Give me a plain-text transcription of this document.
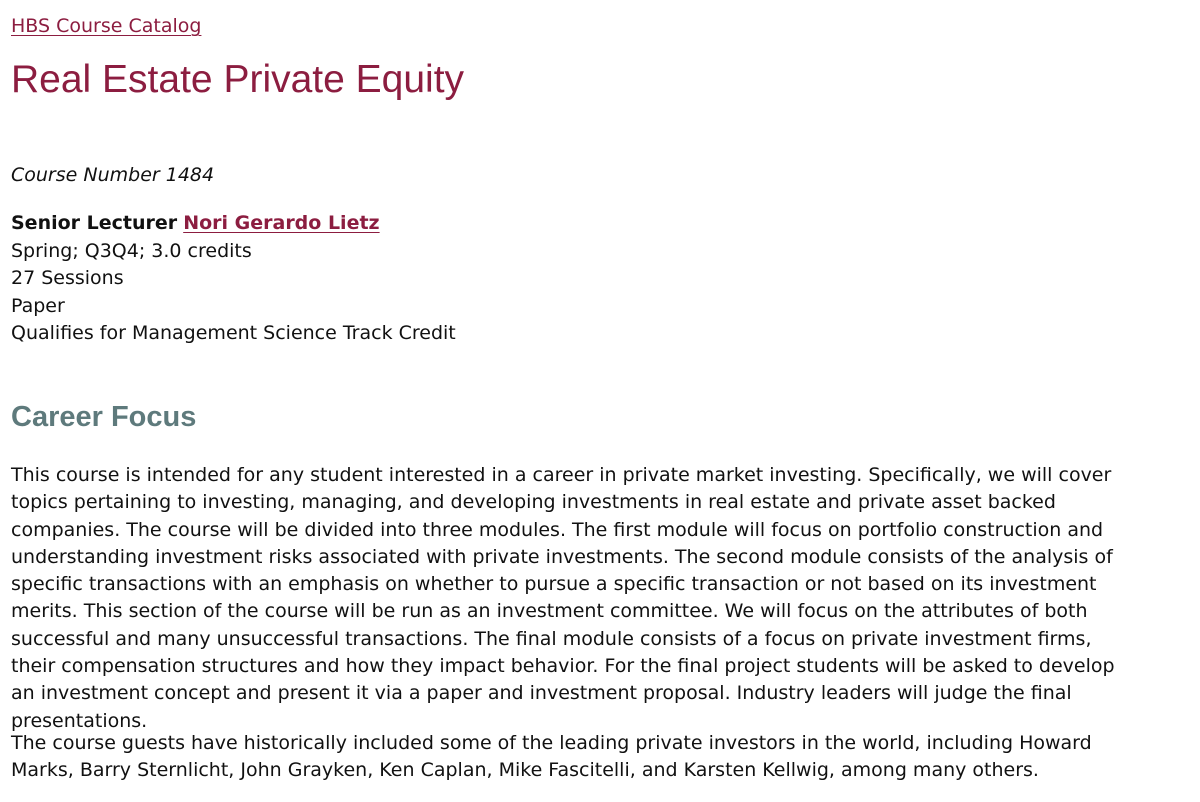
HBS Course Catalog
Real Estate Private Equity
Course Number 1484
Senior Lecturer Nori Gerardo Lietz
Spring; Q3Q4; 3.0 credits
27 Sessions
Paper
Qualifies for Management Science Track Credit
Career Focus

This course is intended for any student interested in a career in private market investing. Specifically, we will cover topics pertaining to investing, managing, and developing investments in real estate and private asset backed companies. The course will be divided into three modules. The first module will focus on portfolio construction and understanding investment risks associated with private investments. The second module consists of the analysis of specific transactions with an emphasis on whether to pursue a specific transaction or not based on its investment merits. This section of the course will be run as an investment committee. We will focus on the attributes of both successful and many unsuccessful transactions. The final module consists of a focus on private investment firms, their compensation structures and how they impact behavior. For the final project students will be asked to develop an investment concept and present it via a paper and investment proposal. Industry leaders will judge the final presentations.

The course guests have historically included some of the leading private investors in the world, including Howard Marks, Barry Sternlicht, John Grayken, Ken Caplan, Mike Fascitelli, and Karsten Kellwig, among many others.
